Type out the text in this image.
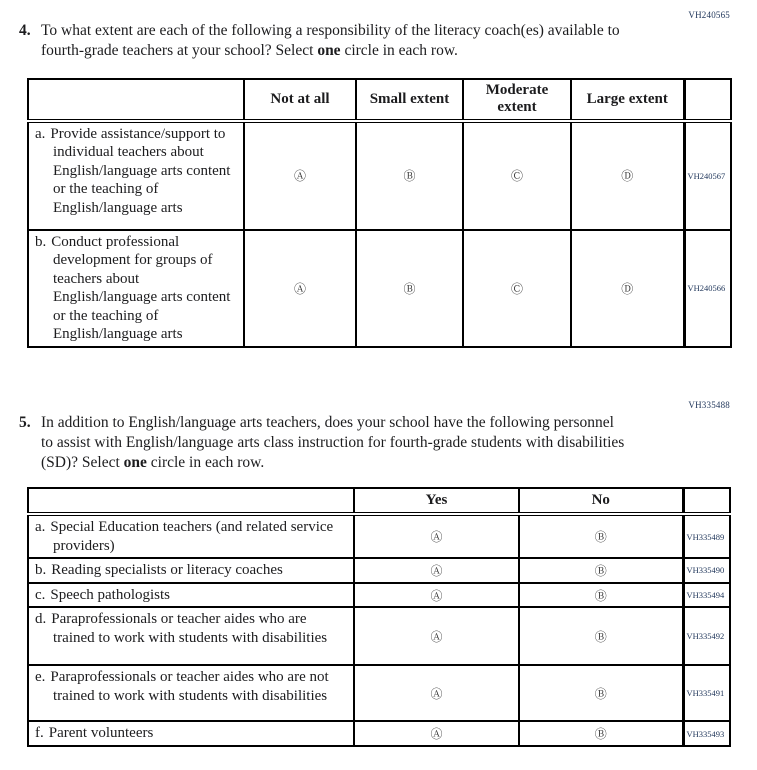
VH240565
4. To what extent are each of the following a responsibility of the literacy coach(es) available to fourth-grade teachers at your school? Select one circle in each row.
	Not at all	Small extent	Moderate extent	Large extent	
a. Provide assistance/support to individual teachers about English/language arts content or the teaching of English/language arts	Ⓐ	Ⓑ	Ⓒ	Ⓓ	VH240567
b. Conduct professional development for groups of teachers about English/language arts content or the teaching of English/language arts	Ⓐ	Ⓑ	Ⓒ	Ⓓ	VH240566
VH335488
5. In addition to English/language arts teachers, does your school have the following personnel to assist with English/language arts class instruction for fourth-grade students with disabilities (SD)? Select one circle in each row.
	Yes	No	
a. Special Education teachers (and related service providers)	Ⓐ	Ⓑ	VH335489
b. Reading specialists or literacy coaches	Ⓐ	Ⓑ	VH335490
c. Speech pathologists	Ⓐ	Ⓑ	VH335494
d. Paraprofessionals or teacher aides who are trained to work with students with disabilities	Ⓐ	Ⓑ	VH335492
e. Paraprofessionals or teacher aides who are not trained to work with students with disabilities	Ⓐ	Ⓑ	VH335491
f. Parent volunteers	Ⓐ	Ⓑ	VH335493
